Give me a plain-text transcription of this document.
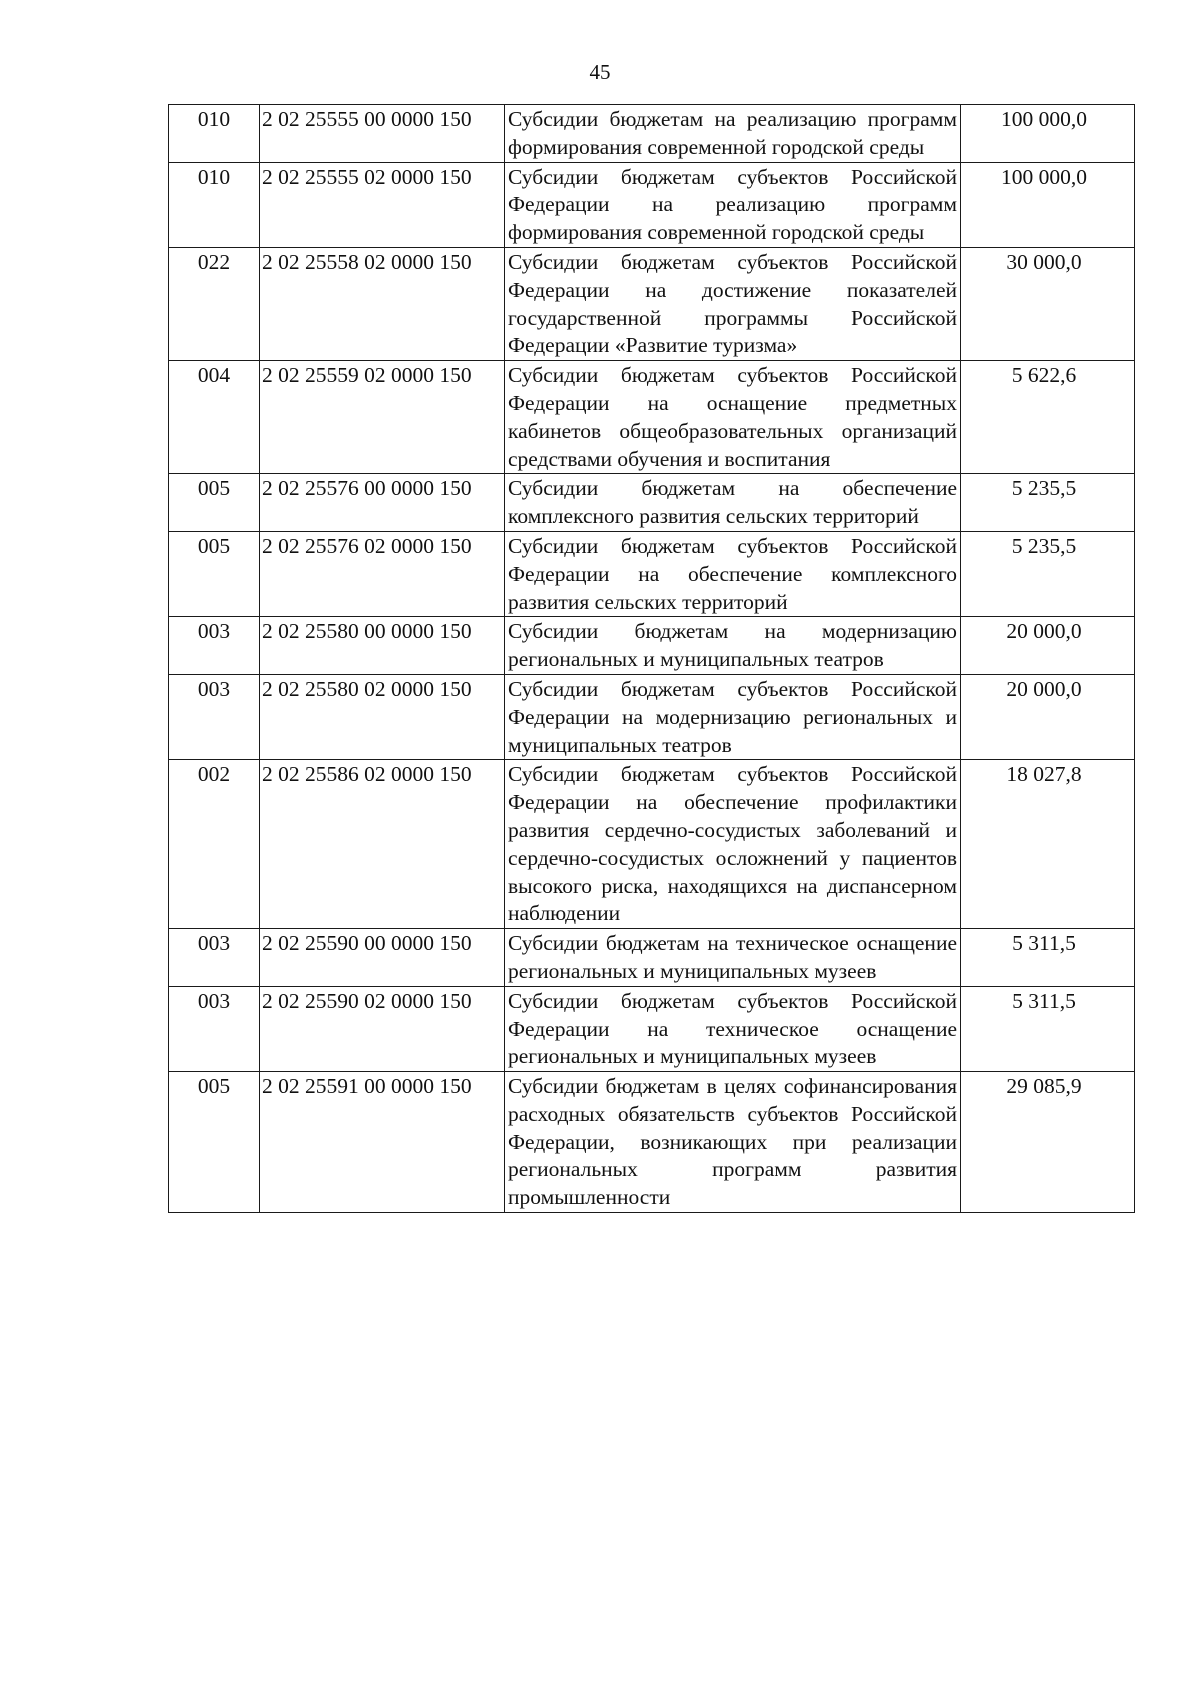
45
010	2 02 25555 00 0000 150	Субсидии бюджетам на реализацию программ формирования современной городской среды	100 000,0
010	2 02 25555 02 0000 150	Субсидии бюджетам субъектов Российской Федерации на реализацию программ формирования современной городской среды	100 000,0
022	2 02 25558 02 0000 150	Субсидии бюджетам субъектов Российской Федерации на достижение показателей государственной программы Российской Федерации «Развитие туризма»	30 000,0
004	2 02 25559 02 0000 150	Субсидии бюджетам субъектов Российской Федерации на оснащение предметных кабинетов общеобразовательных организаций средствами обучения и воспитания	5 622,6
005	2 02 25576 00 0000 150	Субсидии бюджетам на обеспечение комплексного развития сельских территорий	5 235,5
005	2 02 25576 02 0000 150	Субсидии бюджетам субъектов Российской Федерации на обеспечение комплексного развития сельских территорий	5 235,5
003	2 02 25580 00 0000 150	Субсидии бюджетам на модернизацию региональных и муниципальных театров	20 000,0
003	2 02 25580 02 0000 150	Субсидии бюджетам субъектов Российской Федерации на модернизацию региональных и муниципальных театров	20 000,0
002	2 02 25586 02 0000 150	Субсидии бюджетам субъектов Российской Федерации на обеспечение профилактики развития сердечно-сосудистых заболеваний и сердечно-сосудистых осложнений у пациентов высокого риска, находящихся на диспансерном наблюдении	18 027,8
003	2 02 25590 00 0000 150	Субсидии бюджетам на техническое оснащение региональных и муниципальных музеев	5 311,5
003	2 02 25590 02 0000 150	Субсидии бюджетам субъектов Российской Федерации на техническое оснащение региональных и муниципальных музеев	5 311,5
005	2 02 25591 00 0000 150	Субсидии бюджетам в целях софинансирования расходных обязательств субъектов Российской Федерации, возникающих при реализации региональных программ развития промышленности	29 085,9
